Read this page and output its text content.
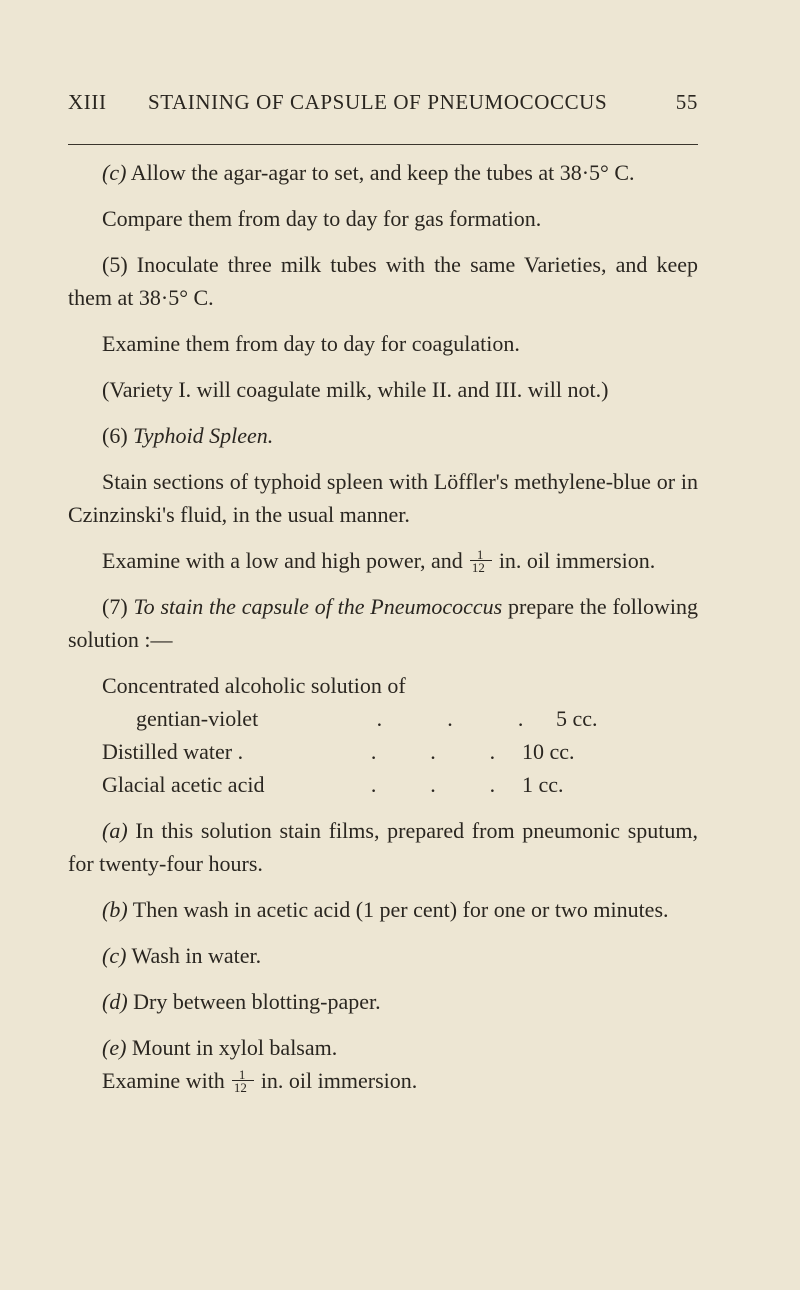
XIII STAINING OF CAPSULE OF PNEUMOCOCCUS	55

(c) Allow the agar-agar to set, and keep the tubes at 38·5° C.

Compare them from day to day for gas formation.

(5) Inoculate three milk tubes with the same Varieties, and keep them at 38·5° C.

Examine them from day to day for coagulation.

(Variety I. will coagulate milk, while II. and III. will not.)

(6) Typhoid Spleen.

Stain sections of typhoid spleen with Löffler's methylene-blue or in Czinzinski's fluid, in the usual manner.

Examine with a low and high power, and $\frac{1}{12}$ in. oil immersion.

(7) To stain the capsule of the Pneumococcus prepare the following solution :—

Concentrated alcoholic solution of
gentian-violet	.	.	. 5 cc.
Distilled water .	. . . 10 cc.
Glacial acetic acid	. . . 1 cc.

(a) In this solution stain films, prepared from pneumonic sputum, for twenty-four hours.

(b) Then wash in acetic acid (1 per cent) for one or two minutes.

(c) Wash in water.

(d) Dry between blotting-paper.

(e) Mount in xylol balsam.

Examine with $\frac{1}{12}$ in. oil immersion.
